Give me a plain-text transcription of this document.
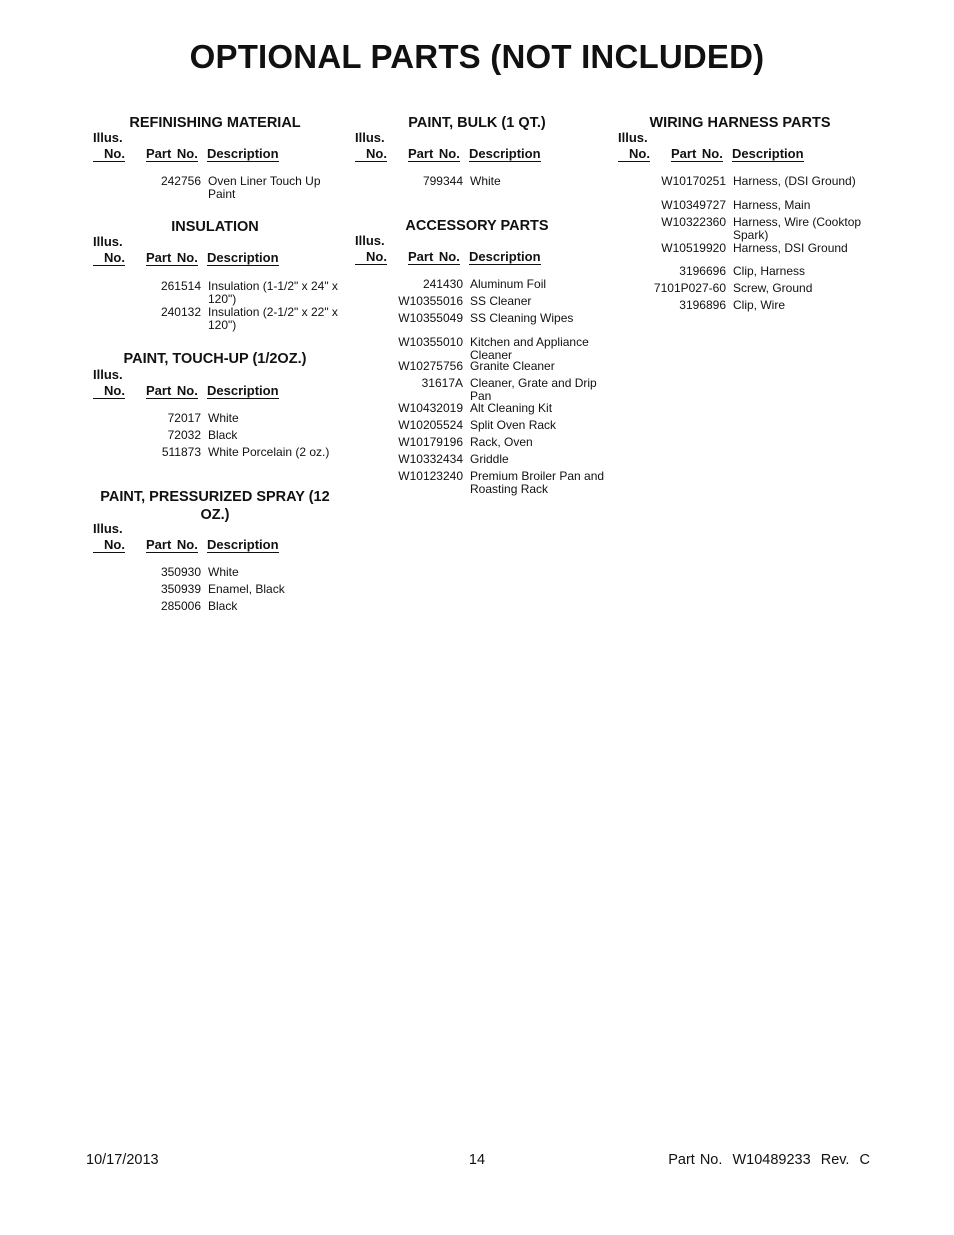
OPTIONAL PARTS (NOT INCLUDED)
REFINISHING MATERIAL
Illus.
No. Part No. Description
242756 Oven Liner Touch Up Paint
INSULATION
Illus.
No. Part No. Description
261514 Insulation (1-1/2" x 24" x 120")
240132 Insulation (2-1/2" x 22" x 120")
PAINT, TOUCH-UP (1/2OZ.)
Illus.
No. Part No. Description
72017 White
72032 Black
511873 White Porcelain (2 oz.)
PAINT, PRESSURIZED SPRAY (12 OZ.)
Illus.
No. Part No. Description
350930 White
350939 Enamel, Black
285006 Black
PAINT, BULK (1 QT.)
Illus.
No. Part No. Description
799344 White
ACCESSORY PARTS
Illus.
No. Part No. Description
241430 Aluminum Foil
W10355016 SS Cleaner
W10355049 SS Cleaning Wipes
W10355010 Kitchen and Appliance Cleaner
W10275756 Granite Cleaner
31617A Cleaner, Grate and Drip Pan
W10432019 Alt Cleaning Kit
W10205524 Split Oven Rack
W10179196 Rack, Oven
W10332434 Griddle
W10123240 Premium Broiler Pan and Roasting Rack
WIRING HARNESS PARTS
Illus.
No. Part No. Description
W10170251 Harness, (DSI Ground)
W10349727 Harness, Main
W10322360 Harness, Wire (Cooktop Spark)
W10519920 Harness, DSI Ground
3196696 Clip, Harness
7101P027-60 Screw, Ground
3196896 Clip, Wire
10/17/2013	14	Part No.  W10489233  Rev.  C
